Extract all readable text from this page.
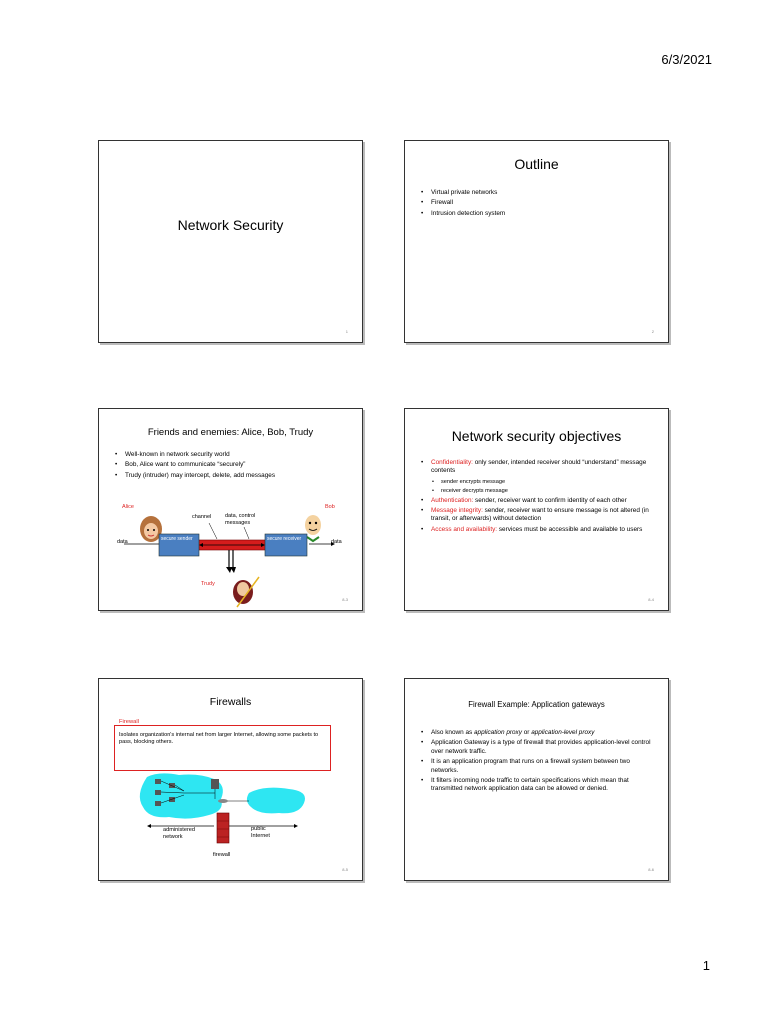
6/3/2021
Network Security
1
Outline
• Virtual private networks
• Firewall
• Intrusion detection system
2
Friends and enemies: Alice, Bob, Trudy
• Well-known in network security world
• Bob, Alice want to communicate “securely”
• Trudy (intruder) may intercept, delete, add messages
Alice	Bob
Trudy
channel data, control messages
data	data
secure sender	secure receiver
8-3
Network security objectives
• Confidentiality: only sender, intended receiver should “understand” message contents
• sender encrypts message
• receiver decrypts message
• Authentication: sender, receiver want to confirm identity of each other
• Message integrity: sender, receiver want to ensure message is not altered (in transit, or afterwards) without detection
• Access and availability: services must be accessible and available to users
8-4
Firewalls
Firewall
Isolates organization's internal net from larger Internet, allowing some packets to pass, blocking others.
administered network
public Internet
firewall
8-5
Firewall Example: Application gateways
• Also known as application proxy or application-level proxy
• Application Gateway is a type of firewall that provides application-level control over network traffic.
• It is an application program that runs on a firewall system between two networks.
• It filters incoming node traffic to certain specifications which mean that transmitted network application data can be allowed or denied.
8-6
1
